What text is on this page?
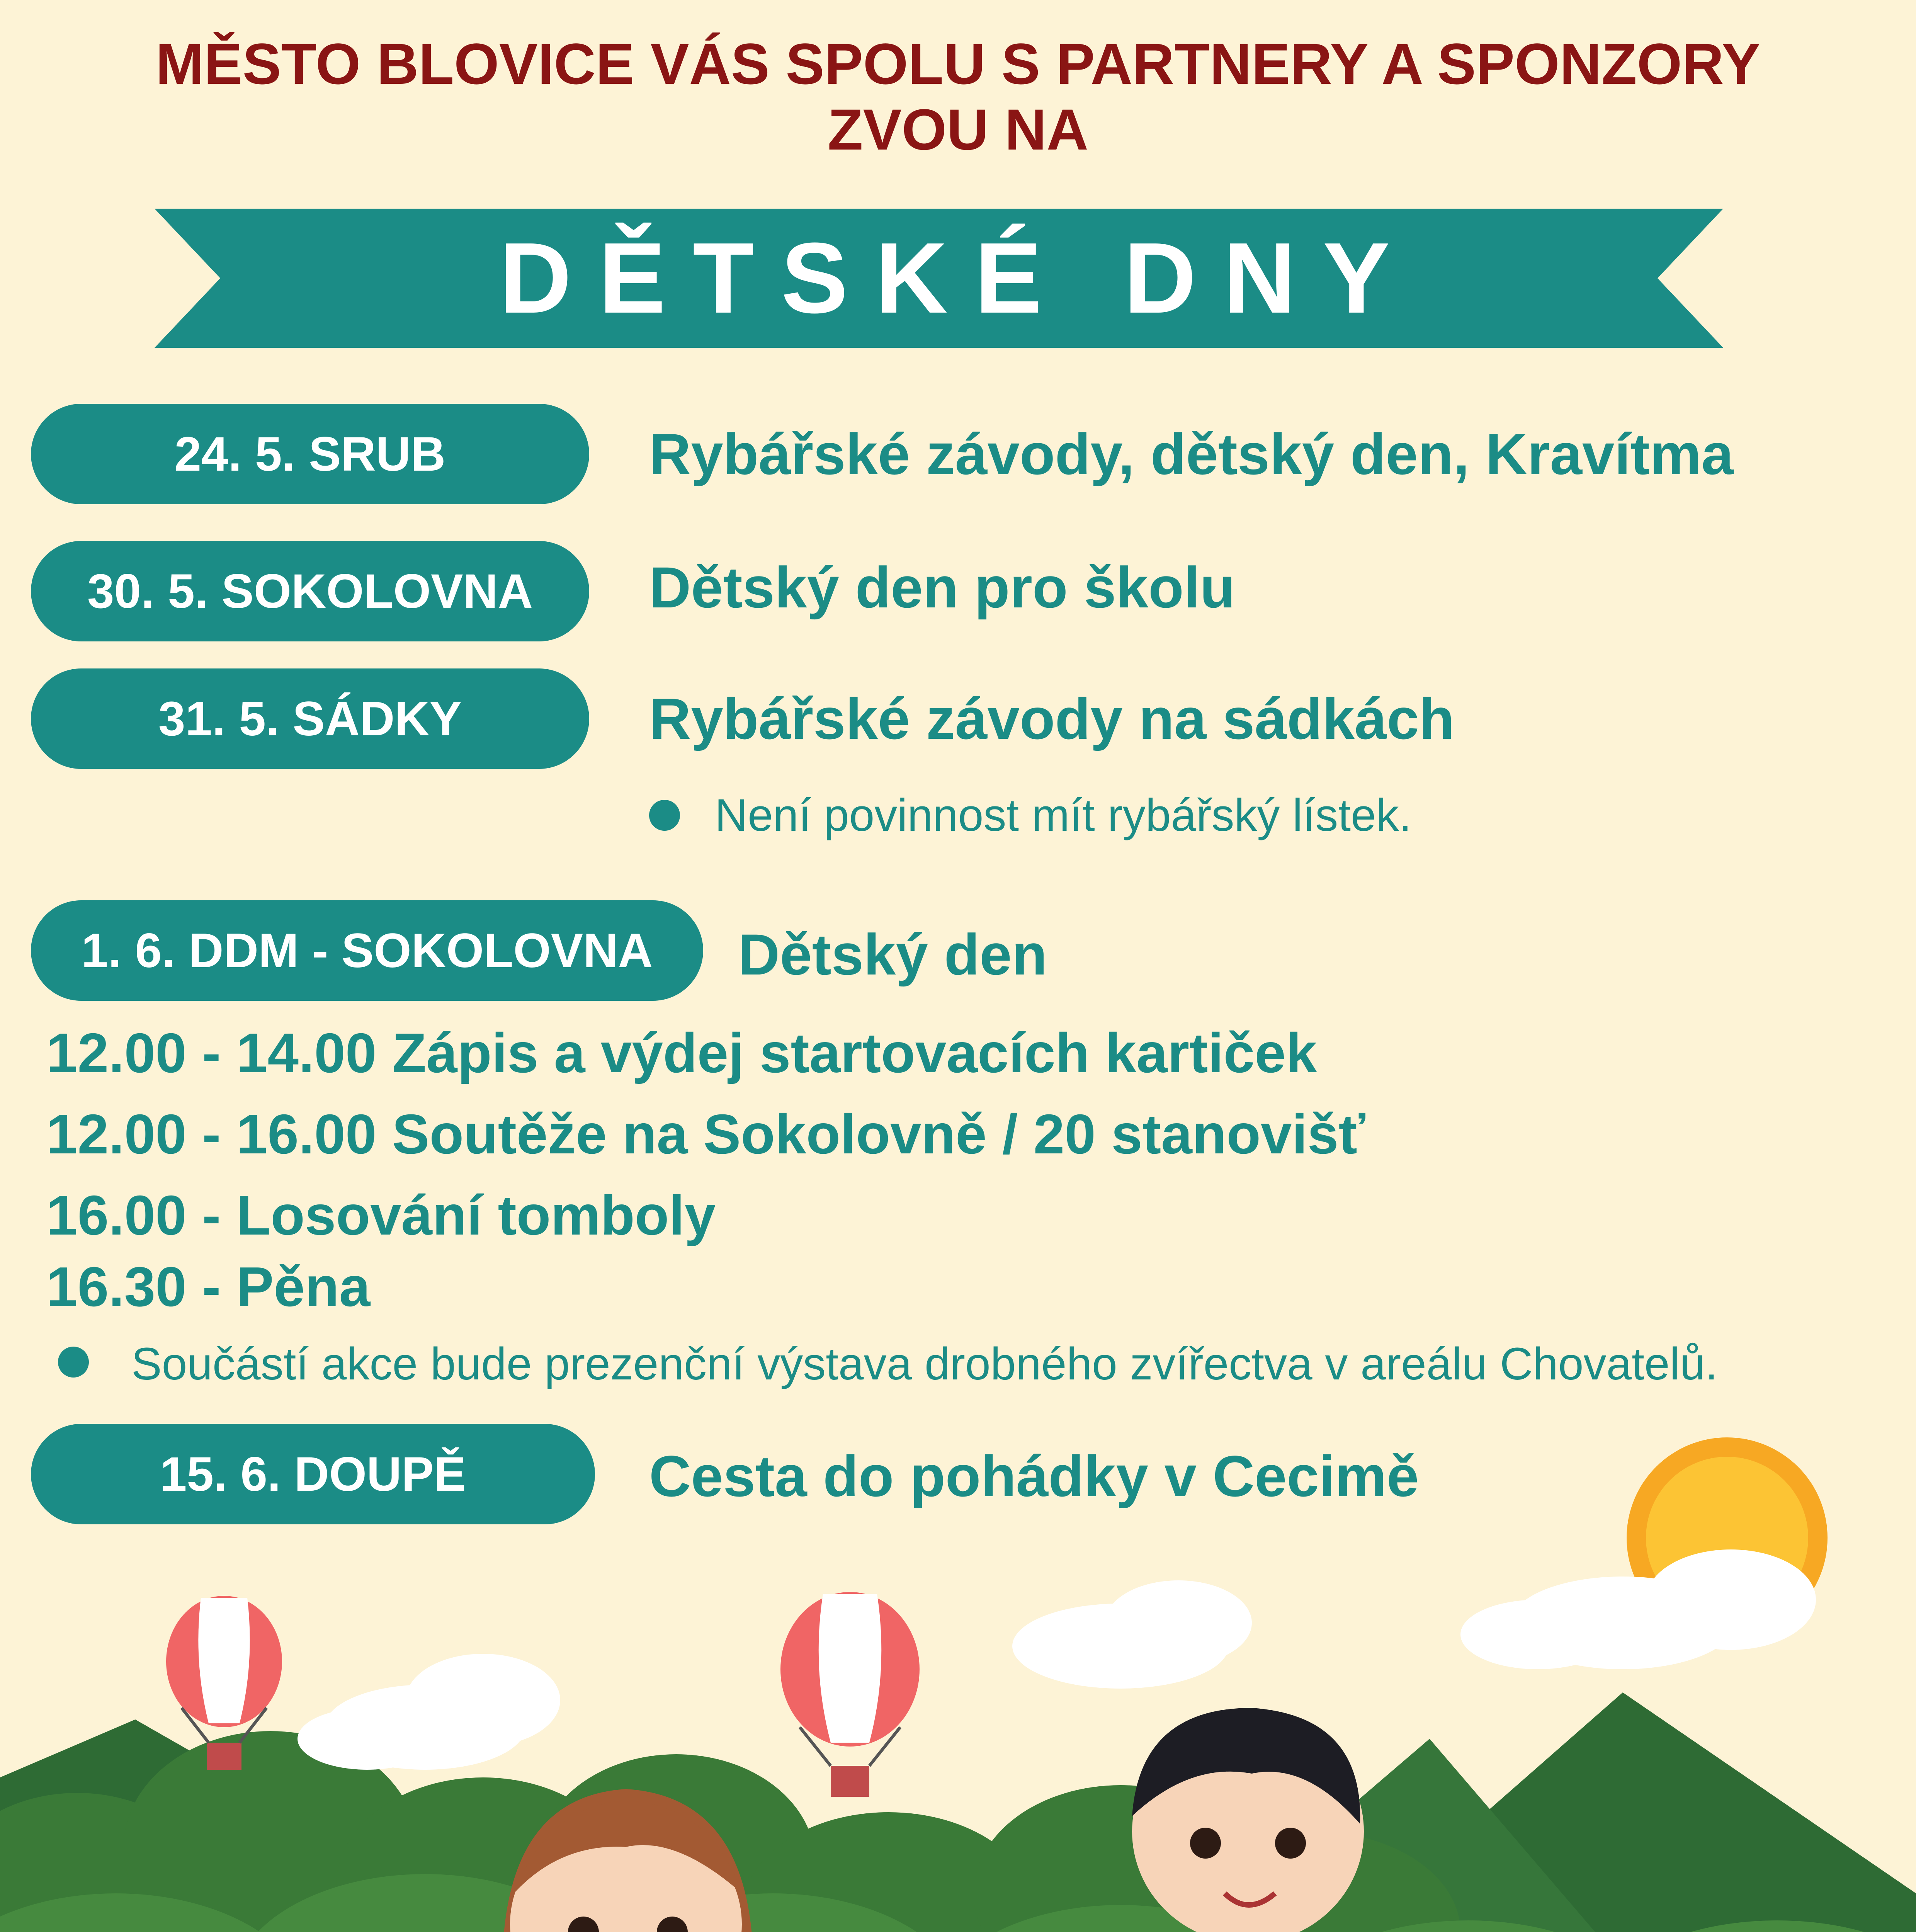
MĚSTO BLOVICE VÁS SPOLU S PARTNERY A SPONZORY
ZVOU NA
DĚTSKÉ DNY
24. 5. SRUB	Rybářské závody, dětský den, Kravítma
30. 5. SOKOLOVNA	Dětský den pro školu
31. 5. SÁDKY	Rybářské závody na sádkách
Není povinnost mít rybářský lístek.
1. 6. DDM - SOKOLOVNA	Dětský den
12.00 - 14.00 Zápis a výdej startovacích kartiček
12.00 - 16.00 Soutěže na Sokolovně / 20 stanovišť
16.00 - Losování tomboly
16.30 - Pěna
Součástí akce bude prezenční výstava drobného zvířectva v areálu Chovatelů.
15. 6. DOUPĚ	Cesta do pohádky v Cecimě
